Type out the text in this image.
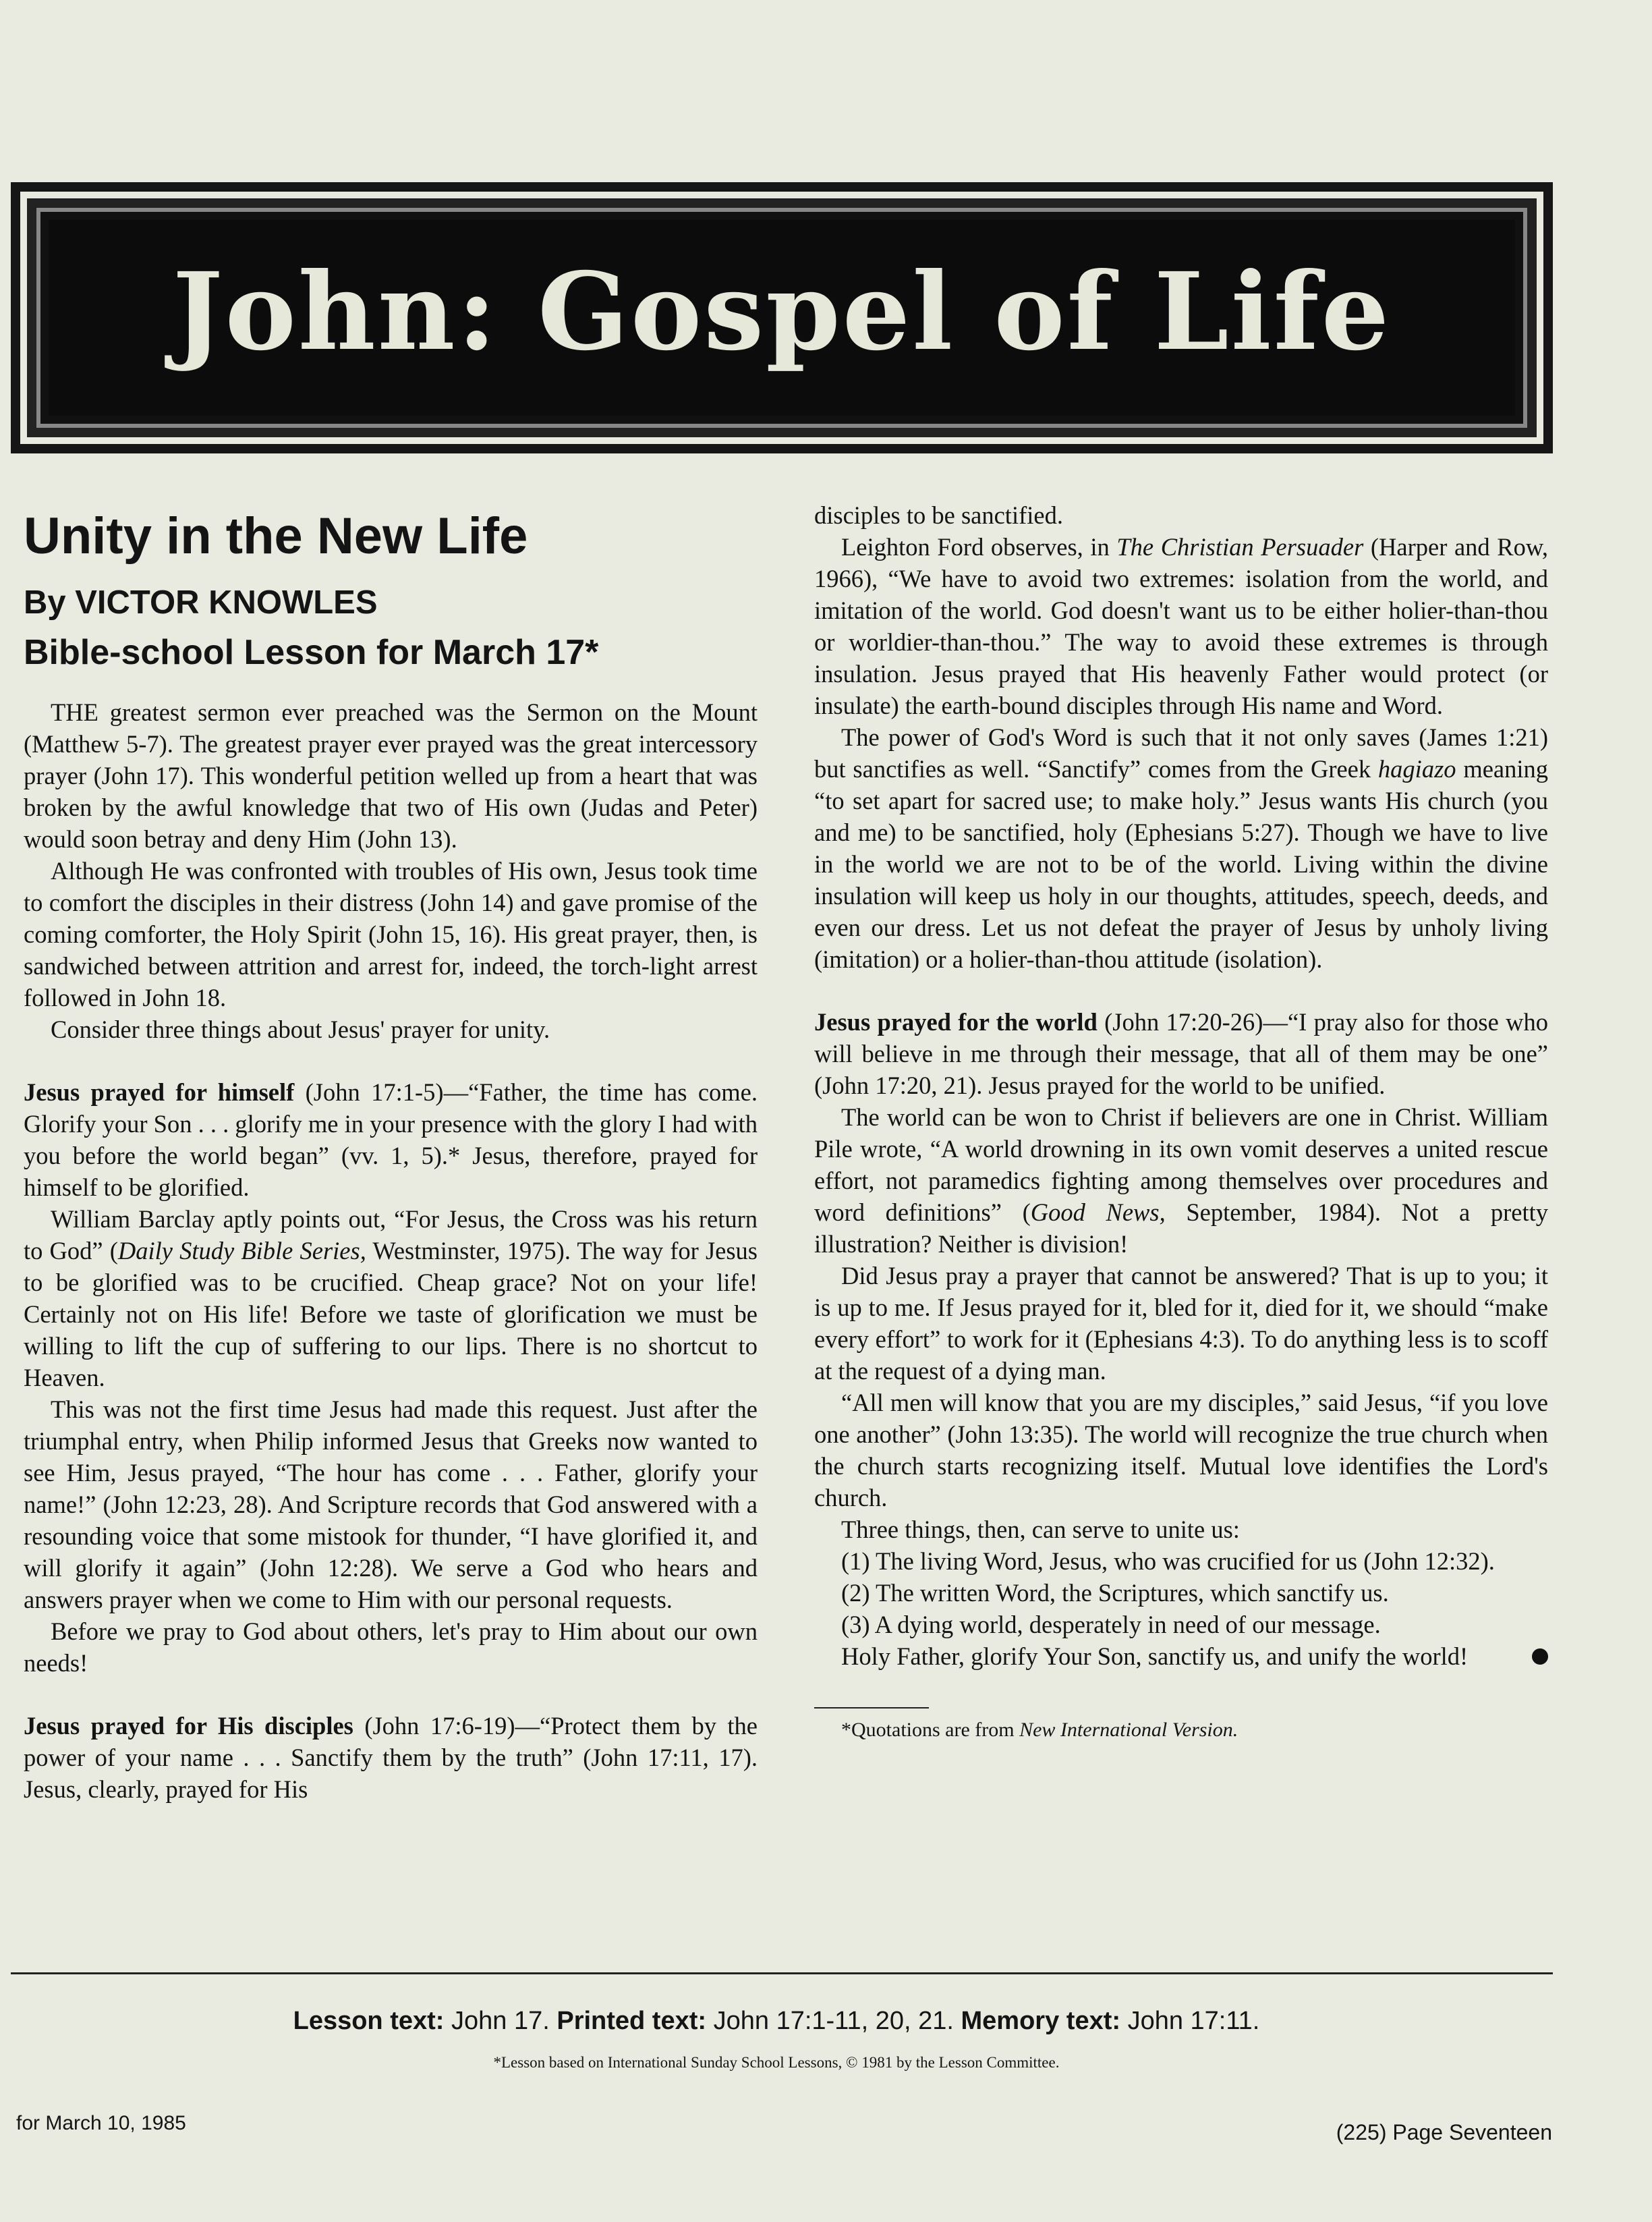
John: Gospel of Life
Unity in the New Life
By VICTOR KNOWLES
Bible-school Lesson for March 17*

THE greatest sermon ever preached was the Sermon on the Mount (Matthew 5-7). The greatest prayer ever prayed was the great intercessory prayer (John 17). This wonderful petition welled up from a heart that was broken by the awful knowledge that two of His own (Judas and Peter) would soon betray and deny Him (John 13).

Although He was confronted with troubles of His own, Jesus took time to comfort the disciples in their distress (John 14) and gave promise of the coming comforter, the Holy Spirit (John 15, 16). His great prayer, then, is sandwiched between attrition and arrest for, indeed, the torch-light arrest followed in John 18.

Consider three things about Jesus' prayer for unity.

Jesus prayed for himself (John 17:1-5)—“Father, the time has come. Glorify your Son . . . glorify me in your presence with the glory I had with you before the world began” (vv. 1, 5).* Jesus, therefore, prayed for himself to be glorified.

William Barclay aptly points out, “For Jesus, the Cross was his return to God” (Daily Study Bible Series, Westminster, 1975). The way for Jesus to be glorified was to be crucified. Cheap grace? Not on your life! Certainly not on His life! Before we taste of glorification we must be willing to lift the cup of suffering to our lips. There is no shortcut to Heaven.

This was not the first time Jesus had made this request. Just after the triumphal entry, when Philip informed Jesus that Greeks now wanted to see Him, Jesus prayed, “The hour has come . . . Father, glorify your name!” (John 12:23, 28). And Scripture records that God answered with a resounding voice that some mistook for thunder, “I have glorified it, and will glorify it again” (John 12:28). We serve a God who hears and answers prayer when we come to Him with our personal requests.

Before we pray to God about others, let's pray to Him about our own needs!

Jesus prayed for His disciples (John 17:6-19)—“Protect them by the power of your name . . . Sanctify them by the truth” (John 17:11, 17). Jesus, clearly, prayed for His

disciples to be sanctified.

Leighton Ford observes, in The Christian Persuader (Harper and Row, 1966), “We have to avoid two extremes: isolation from the world, and imitation of the world. God doesn't want us to be either holier-than-thou or worldier-than-thou.” The way to avoid these extremes is through insulation. Jesus prayed that His heavenly Father would protect (or insulate) the earth-bound disciples through His name and Word.

The power of God's Word is such that it not only saves (James 1:21) but sanctifies as well. “Sanctify” comes from the Greek hagiazo meaning “to set apart for sacred use; to make holy.” Jesus wants His church (you and me) to be sanctified, holy (Ephesians 5:27). Though we have to live in the world we are not to be of the world. Living within the divine insulation will keep us holy in our thoughts, attitudes, speech, deeds, and even our dress. Let us not defeat the prayer of Jesus by unholy living (imitation) or a holier-than-thou attitude (isolation).

Jesus prayed for the world (John 17:20-26)—“I pray also for those who will believe in me through their message, that all of them may be one” (John 17:20, 21). Jesus prayed for the world to be unified.

The world can be won to Christ if believers are one in Christ. William Pile wrote, “A world drowning in its own vomit deserves a united rescue effort, not paramedics fighting among themselves over procedures and word definitions” (Good News, September, 1984). Not a pretty illustration? Neither is division!

Did Jesus pray a prayer that cannot be answered? That is up to you; it is up to me. If Jesus prayed for it, bled for it, died for it, we should “make every effort” to work for it (Ephesians 4:3). To do anything less is to scoff at the request of a dying man.

“All men will know that you are my disciples,” said Jesus, “if you love one another” (John 13:35). The world will recognize the true church when the church starts recognizing itself. Mutual love identifies the Lord's church.

Three things, then, can serve to unite us:

(1) The living Word, Jesus, who was crucified for us (John 12:32).

(2) The written Word, the Scriptures, which sanctify us.

(3) A dying world, desperately in need of our message.

Holy Father, glorify Your Son, sanctify us, and unify the world!

*Quotations are from New International Version.
Lesson text: John 17. Printed text: John 17:1-11, 20, 21. Memory text: John 17:11.
*Lesson based on International Sunday School Lessons, © 1981 by the Lesson Committee.
for March 10, 1985	(225) Page Seventeen
